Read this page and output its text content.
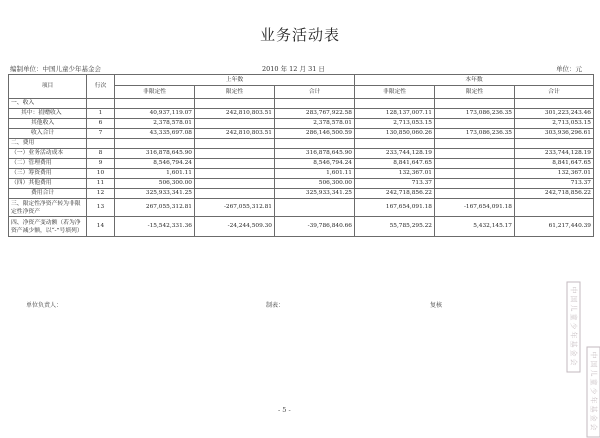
业务活动表
编制单位：中国儿童少年基金会	2010 年 12 月 31 日	单位：元
项目	行次	上年数			本年数		
		非限定性	限定性	合计	非限定性	限定性	合计
一、收入							
其中：捐赠收入	1	40,937,119.07	242,810,803.51	283,767,922.58	128,137,007.11	173,086,236.35	301,223,243.46
其他收入	6	2,378,578.01		2,378,578.01	2,713,053.15		2,713,053.15
收入合计	7	43,335,697.08	242,810,803.51	286,146,500.59	130,850,060.26	173,086,236.35	303,936,296.61
二、费用							
（一）业务活动成本	8	316,878,645.90		316,878,645.90	233,744,128.19		233,744,128.19
（二）管理费用	9	8,546,794.24		8,546,794.24	8,841,647.65		8,841,647.65
（三）筹资费用	10	1,601.11		1,601.11	132,367.01		132,367.01
（四）其他费用	11	506,300.00		506,300.00	713.37		713.37
费用合计	12	325,933,341.25		325,933,341.25	242,718,856.22		242,718,856.22
三、限定性净资产转为非限定性净资产	13	267,055,312.81	-267,055,312.81		167,654,091.18	-167,654,091.18	
四、净资产变动额（若为净资产减少额，以“-”号填列）	14	-15,542,331.36	-24,244,509.30	-39,786,840.66	55,785,295.22	5,432,145.17	61,217,440.39
单位负责人：	制表：	复核	中国儿童少年基金会
中国儿童少年基金会
- 5 -
